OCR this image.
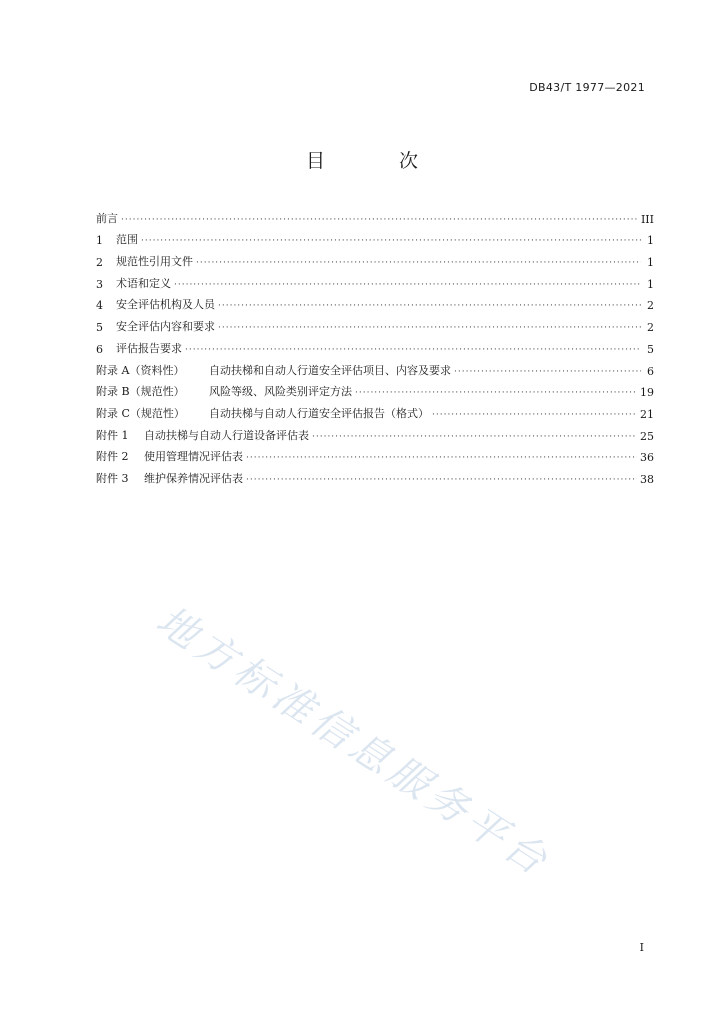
DB43/T 1977—2021
目 次
前言 ·····	III
1	范围 ·····	1
2	规范性引用文件 ·····	1
3	术语和定义 ·····	1
4	安全评估机构及人员 ·····	2
5	安全评估内容和要求 ·····	2
6	评估报告要求 ·····	5
附录 A（资料性）	自动扶梯和自动人行道安全评估项目、内容及要求 ·····	6
附录 B（规范性）	风险等级、风险类别评定方法 ·····	19
附录 C（规范性）	自动扶梯与自动人行道安全评估报告（格式） ·····	21
附件 1	自动扶梯与自动人行道设备评估表 ·····	25
附件 2	使用管理情况评估表 ·····	36
附件 3	维护保养情况评估表 ·····	38
地方标准信息服务平台
I
